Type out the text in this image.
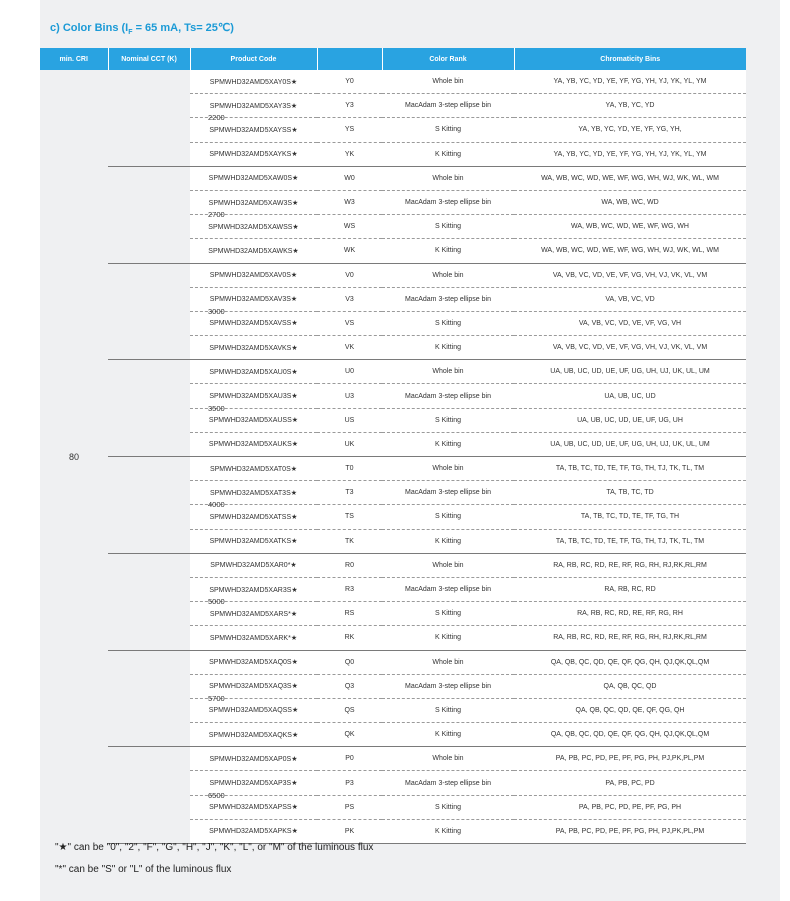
c) Color Bins ($I_F = 65$ mA, Ts= 25℃)
min. CRI	Nominal CCT (K)	Product Code		Color Rank	Chromaticity Bins
80	2200	SPMWHD32AMD5XAY0S★	Y0	Whole bin	YA, YB, YC, YD, YE, YF, YG, YH, YJ, YK, YL, YM
		SPMWHD32AMD5XAY3S★	Y3	MacAdam 3-step ellipse bin	YA, YB, YC, YD
		SPMWHD32AMD5XAYSS★	YS	S Kitting	YA, YB, YC, YD, YE, YF, YG, YH,
		SPMWHD32AMD5XAYKS★	YK	K Kitting	YA, YB, YC, YD, YE, YF, YG, YH, YJ, YK, YL, YM
	2700	SPMWHD32AMD5XAW0S★	W0	Whole bin	WA, WB, WC, WD, WE, WF, WG, WH, WJ, WK, WL, WM
		SPMWHD32AMD5XAW3S★	W3	MacAdam 3-step ellipse bin	WA, WB, WC, WD
		SPMWHD32AMD5XAWSS★	WS	S Kitting	WA, WB, WC, WD, WE, WF, WG, WH
		SPMWHD32AMD5XAWKS★	WK	K Kitting	WA, WB, WC, WD, WE, WF, WG, WH, WJ, WK, WL, WM
	3000	SPMWHD32AMD5XAV0S★	V0	Whole bin	VA, VB, VC, VD, VE, VF, VG, VH, VJ, VK, VL, VM
		SPMWHD32AMD5XAV3S★	V3	MacAdam 3-step ellipse bin	VA, VB, VC, VD
		SPMWHD32AMD5XAVSS★	VS	S Kitting	VA, VB, VC, VD, VE, VF, VG, VH
		SPMWHD32AMD5XAVKS★	VK	K Kitting	VA, VB, VC, VD, VE, VF, VG, VH, VJ, VK, VL, VM
	3500	SPMWHD32AMD5XAU0S★	U0	Whole bin	UA, UB, UC, UD, UE, UF, UG, UH, UJ, UK, UL, UM
		SPMWHD32AMD5XAU3S★	U3	MacAdam 3-step ellipse bin	UA, UB, UC, UD
		SPMWHD32AMD5XAUSS★	US	S Kitting	UA, UB, UC, UD, UE, UF, UG, UH
		SPMWHD32AMD5XAUKS★	UK	K Kitting	UA, UB, UC, UD, UE, UF, UG, UH, UJ, UK, UL, UM
	4000	SPMWHD32AMD5XAT0S★	T0	Whole bin	TA, TB, TC, TD, TE, TF, TG, TH, TJ, TK, TL, TM
		SPMWHD32AMD5XAT3S★	T3	MacAdam 3-step ellipse bin	TA, TB, TC, TD
		SPMWHD32AMD5XATSS★	TS	S Kitting	TA, TB, TC, TD, TE, TF, TG, TH
		SPMWHD32AMD5XATKS★	TK	K Kitting	TA, TB, TC, TD, TE, TF, TG, TH, TJ, TK, TL, TM
	5000	SPMWHD32AMD5XAR0*★	R0	Whole bin	RA, RB, RC, RD, RE, RF, RG, RH, RJ,RK,RL,RM
		SPMWHD32AMD5XAR3S★	R3	MacAdam 3-step ellipse bin	RA, RB, RC, RD
		SPMWHD32AMD5XARS*★	RS	S Kitting	RA, RB, RC, RD, RE, RF, RG, RH
		SPMWHD32AMD5XARK*★	RK	K Kitting	RA, RB, RC, RD, RE, RF, RG, RH, RJ,RK,RL,RM
	5700	SPMWHD32AMD5XAQ0S★	Q0	Whole bin	QA, QB, QC, QD, QE, QF, QG, QH, QJ,QK,QL,QM
		SPMWHD32AMD5XAQ3S★	Q3	MacAdam 3-step ellipse bin	QA, QB, QC, QD
		SPMWHD32AMD5XAQSS★	QS	S Kitting	QA, QB, QC, QD, QE, QF, QG, QH
		SPMWHD32AMD5XAQKS★	QK	K Kitting	QA, QB, QC, QD, QE, QF, QG, QH, QJ,QK,QL,QM
	6500	SPMWHD32AMD5XAP0S★	P0	Whole bin	PA, PB, PC, PD, PE, PF, PG, PH, PJ,PK,PL,PM
		SPMWHD32AMD5XAP3S★	P3	MacAdam 3-step ellipse bin	PA, PB, PC, PD
		SPMWHD32AMD5XAPSS★	PS	S Kitting	PA, PB, PC, PD, PE, PF, PG, PH
		SPMWHD32AMD5XAPKS★	PK	K Kitting	PA, PB, PC, PD, PE, PF, PG, PH, PJ,PK,PL,PM
"★" can be "0", "2", "F", "G", "H", "J", "K", "L", or "M" of the luminous flux
"*" can be "S" or "L" of the luminous flux
